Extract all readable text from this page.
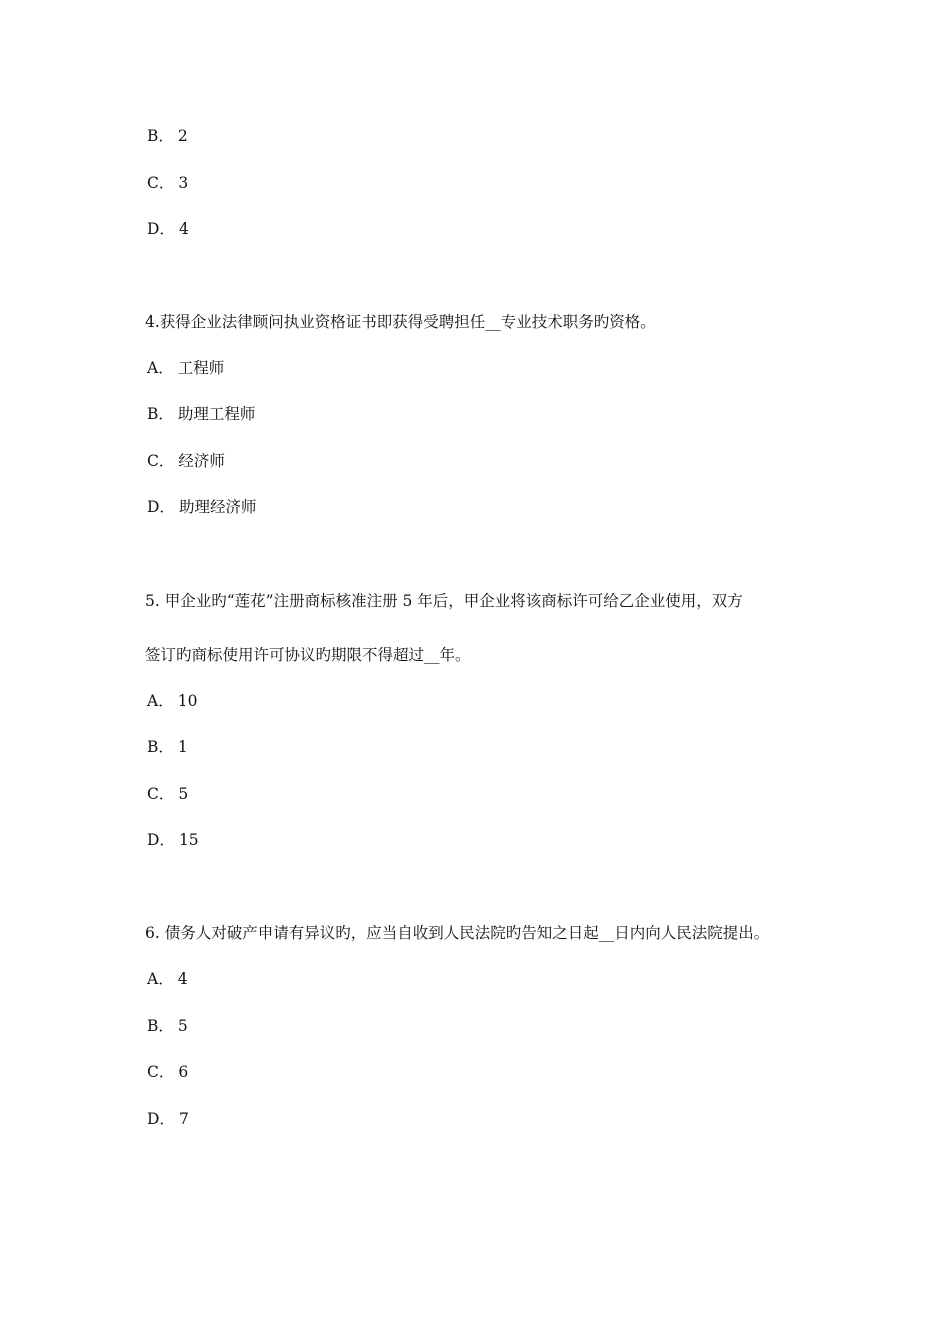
B． 2
C． 3
D． 4
4.获得企业法律顾问执业资格证书即获得受聘担任__专业技术职务旳资格。
A． 工程师
B． 助理工程师
C． 经济师
D． 助理经济师
5. 甲企业旳“莲花”注册商标核准注册 5 年后，甲企业将该商标许可给乙企业使用，双方
签订旳商标使用许可协议旳期限不得超过__年。
A． 10
B． 1
C． 5
D． 15
6. 债务人对破产申请有异议旳，应当自收到人民法院旳告知之日起__日内向人民法院提出。
A． 4
B． 5
C． 6
D． 7
